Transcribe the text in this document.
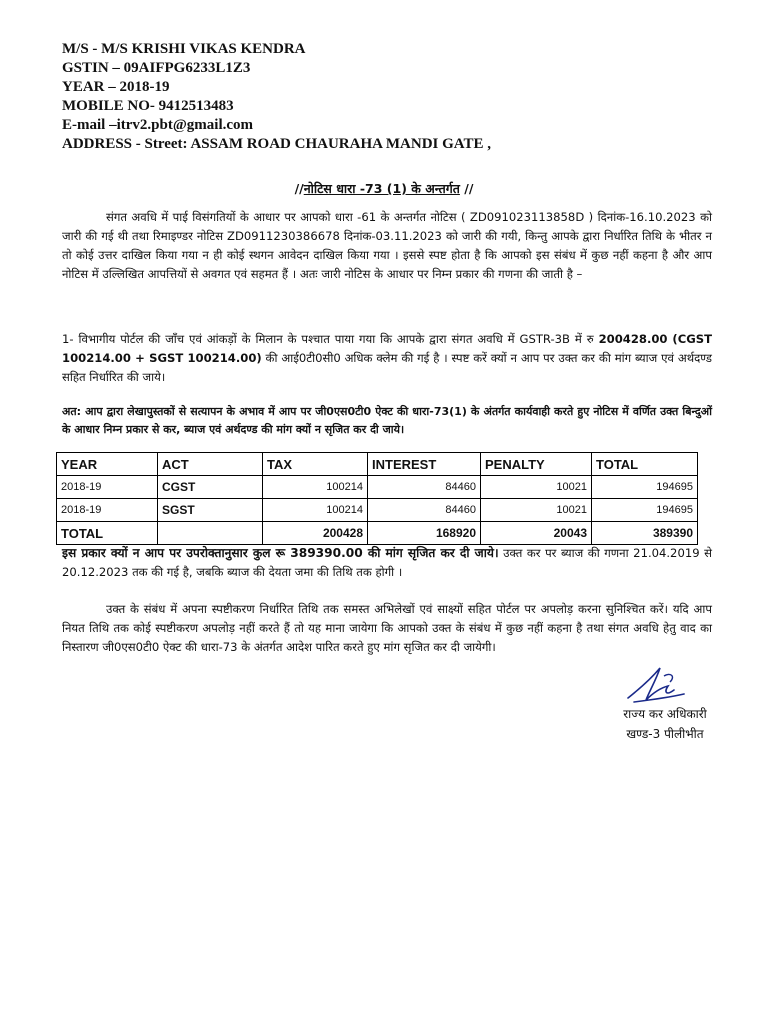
M/S - M/S KRISHI VIKAS KENDRA
GSTIN – 09AIFPG6233L1Z3
YEAR – 2018-19
MOBILE NO- 9412513483
E-mail –itrv2.pbt@gmail.com
ADDRESS - Street: ASSAM ROAD CHAURAHA MANDI GATE ,
//नोटिस धारा -73 (1) के अन्तर्गत //
संगत अवधि में पाई विसंगतियों के आधार पर आपको धारा -61 के अन्तर्गत नोटिस ( ZD091023113858D ) दिनांक-16.10.2023 को जारी की गई थी तथा रिमाइण्डर नोटिस ZD0911230386678 दिनांक-03.11.2023 को जारी की गयी, किन्तु आपके द्वारा निर्धारित तिथि के भीतर न तो कोई उत्तर दाखिल किया गया न ही कोई स्थगन आवेदन दाखिल किया गया । इससे स्पष्ट होता है कि आपको इस संबंध में कुछ नहीं कहना है और आप नोटिस में उल्लिखित आपत्तियों से अवगत एवं सहमत हैं । अतः जारी नोटिस के आधार पर निम्न प्रकार की गणना की जाती है –
1- विभागीय पोर्टल की जाँच एवं आंकड़ों के मिलान के पश्चात पाया गया कि आपके द्वारा संगत अवधि में GSTR-3B में रु 200428.00 (CGST 100214.00 + SGST 100214.00) की आई0टी0सी0 अधिक क्लेम की गई है । स्पष्ट करें क्यों न आप पर उक्त कर की मांग ब्याज एवं अर्थदण्ड सहित निर्धारित की जाये।
अत: आप द्वारा लेखापुस्तकों से सत्यापन के अभाव में आप पर जी0एस0टी0 ऐक्ट की धारा-73(1) के अंतर्गत कार्यवाही करते हुए नोटिस में वर्णित उक्त बिन्दुओं के आधार निम्न प्रकार से कर, ब्याज एवं अर्थदण्ड की मांग क्यों न सृजित कर दी जाये।
YEAR	ACT	TAX	INTEREST	PENALTY	TOTAL
2018-19	CGST	100214	84460	10021	194695
2018-19	SGST	100214	84460	10021	194695
TOTAL		200428	168920	20043	389390
इस प्रकार क्यों न आप पर उपरोक्तानुसार कुल रू 389390.00 की मांग सृजित कर दी जाये। उक्त कर पर ब्याज की गणना 21.04.2019 से 20.12.2023 तक की गई है, जबकि ब्याज की देयता जमा की तिथि तक होगी ।
उक्त के संबंध में अपना स्पष्टीकरण निर्धारित तिथि तक समस्त अभिलेखों एवं साक्ष्यों सहित पोर्टल पर अपलोड़ करना सुनिश्चित करें। यदि आप नियत तिथि तक कोई स्पष्टीकरण अपलोड़ नहीं करते हैं तो यह माना जायेगा कि आपको उक्त के संबंध में कुछ नहीं कहना है तथा संगत अवधि हेतु वाद का निस्तारण जी0एस0टी0 ऐक्ट की धारा-73 के अंतर्गत आदेश पारित करते हुए मांग सृजित कर दी जायेगी।
राज्य कर अधिकारी
खण्ड-3 पीलीभीत
